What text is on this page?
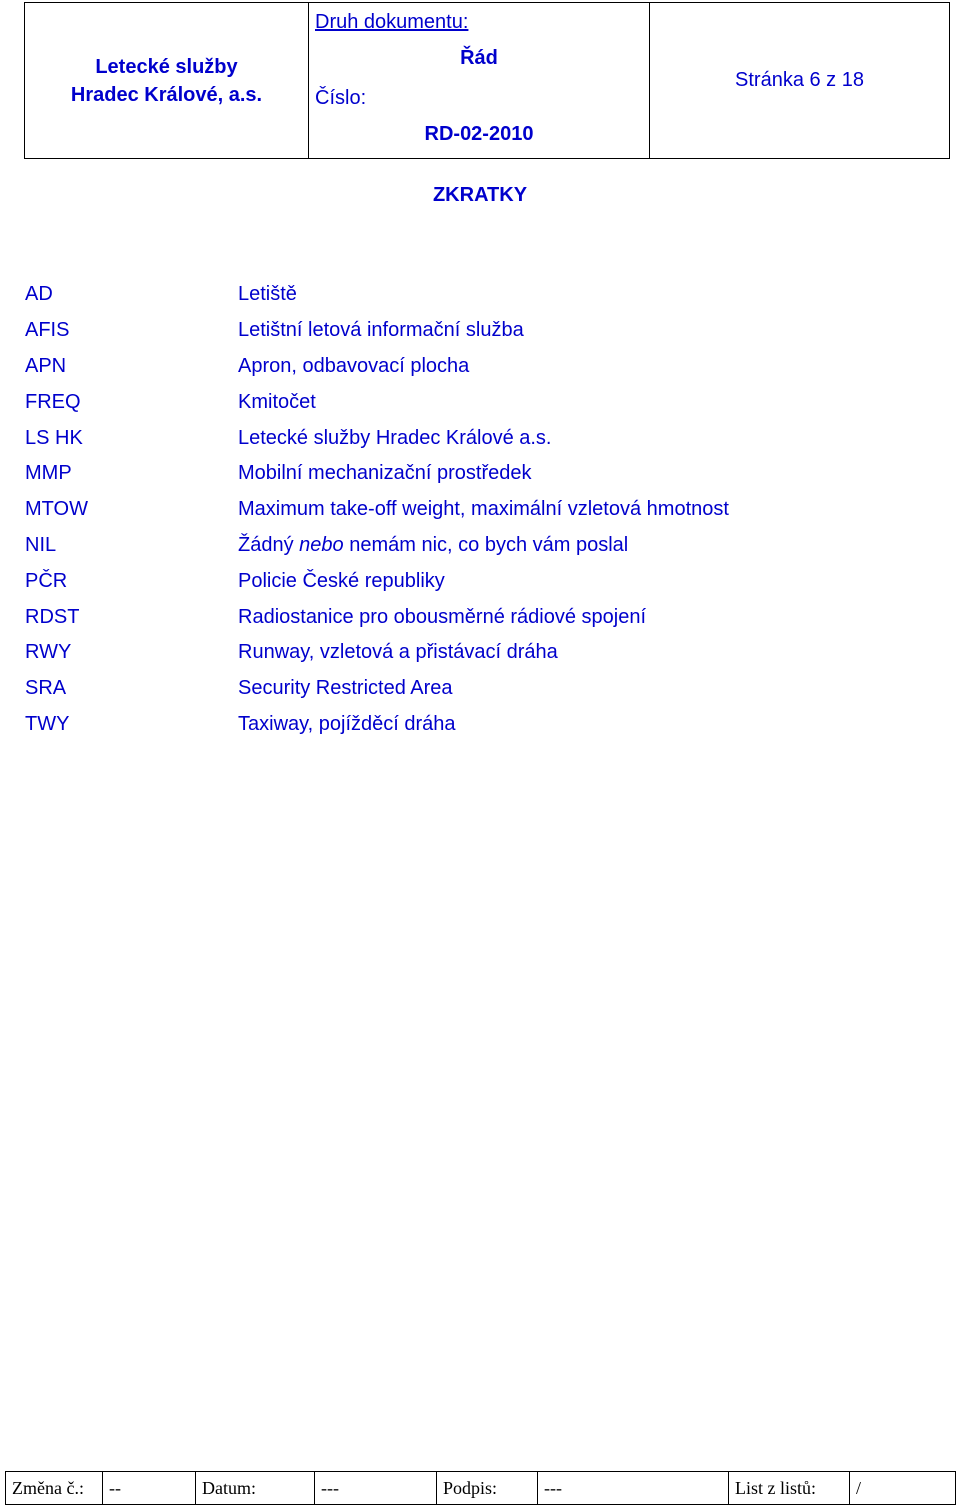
Letecké služby
Hradec Králové, a.s.

Druh dokumentu:
Řád
Číslo:
RD-02-2010
	Stránka 6 z 18
ZKRATKY
AD	Letiště
AFIS	Letištní letová informační služba
APN	Apron, odbavovací plocha
FREQ	Kmitočet
LS HK	Letecké služby Hradec Králové a.s.
MMP	Mobilní mechanizační prostředek
MTOW	Maximum take-off weight, maximální vzletová hmotnost
NIL	Žádný nebo nemám nic, co bych vám poslal
PČR	Policie České republiky
RDST	Radiostanice pro obousměrné rádiové spojení
RWY	Runway, vzletová a přistávací dráha
SRA	Security Restricted Area
TWY	Taxiway, pojížděcí dráha
Změna č.:	--	Datum:	---	Podpis:	---	List z listů:	/
